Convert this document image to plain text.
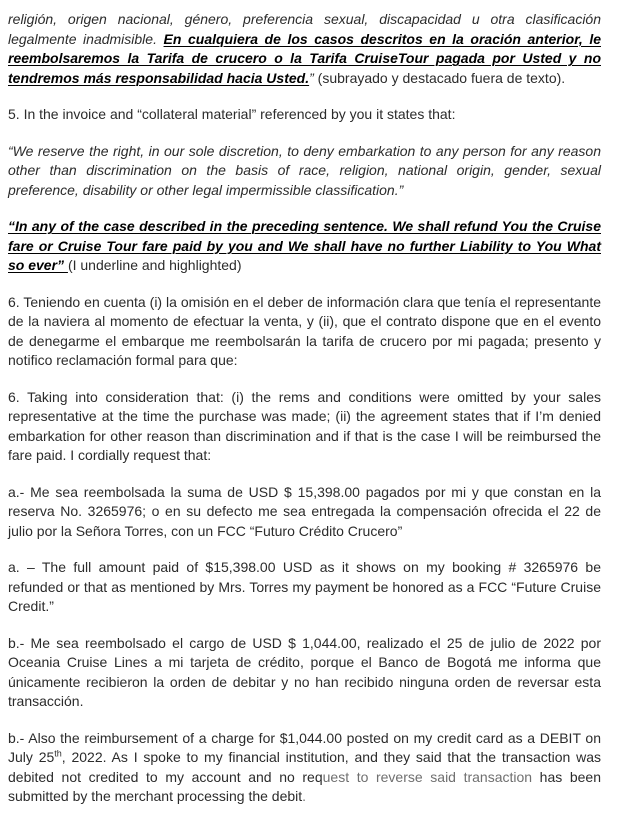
religión, origen nacional, género, preferencia sexual, discapacidad u otra clasificación legalmente inadmisible. En cualquiera de los casos descritos en la oración anterior, le reembolsaremos la Tarifa de crucero o la Tarifa CruiseTour pagada por Usted y no tendremos más responsabilidad hacia Usted.” (subrayado y destacado fuera de texto).

5. In the invoice and “collateral material” referenced by you it states that:

“We reserve the right, in our sole discretion, to deny embarkation to any person for any reason other than discrimination on the basis of race, religion, national origin, gender, sexual preference, disability or other legal impermissible classification.”

“In any of the case described in the preceding sentence. We shall refund You the Cruise fare or Cruise Tour fare paid by you and We shall have no further Liability to You What so ever” (I underline and highlighted)

6. Teniendo en cuenta (i) la omisión en el deber de información clara que tenía el representante de la naviera al momento de efectuar la venta, y (ii), que el contrato dispone que en el evento de denegarme el embarque me reembolsarán la tarifa de crucero por mi pagada; presento y notifico reclamación formal para que:

6. Taking into consideration that: (i) the rems and conditions were omitted by your sales representative at the time the purchase was made; (ii) the agreement states that if I’m denied embarkation for other reason than discrimination and if that is the case I will be reimbursed the fare paid. I cordially request that:

a.- Me sea reembolsada la suma de USD $ 15,398.00 pagados por mi y que constan en la reserva No. 3265976; o en su defecto me sea entregada la compensación ofrecida el 22 de julio por la Señora Torres, con un FCC “Futuro Crédito Crucero”

a. – The full amount paid of $15,398.00 USD as it shows on my booking # 3265976 be refunded or that as mentioned by Mrs. Torres my payment be honored as a FCC “Future Cruise Credit.”

b.- Me sea reembolsado el cargo de USD $ 1,044.00, realizado el 25 de julio de 2022 por Oceania Cruise Lines a mi tarjeta de crédito, porque el Banco de Bogotá me informa que únicamente recibieron la orden de debitar y no han recibido ninguna orden de reversar esta transacción.

b.- Also the reimbursement of a charge for $1,044.00 posted on my credit card as a DEBIT on July 25th, 2022. As I spoke to my financial institution, and they said that the transaction was debited not credited to my account and no request to reverse said transaction has been submitted by the merchant processing the debit.
